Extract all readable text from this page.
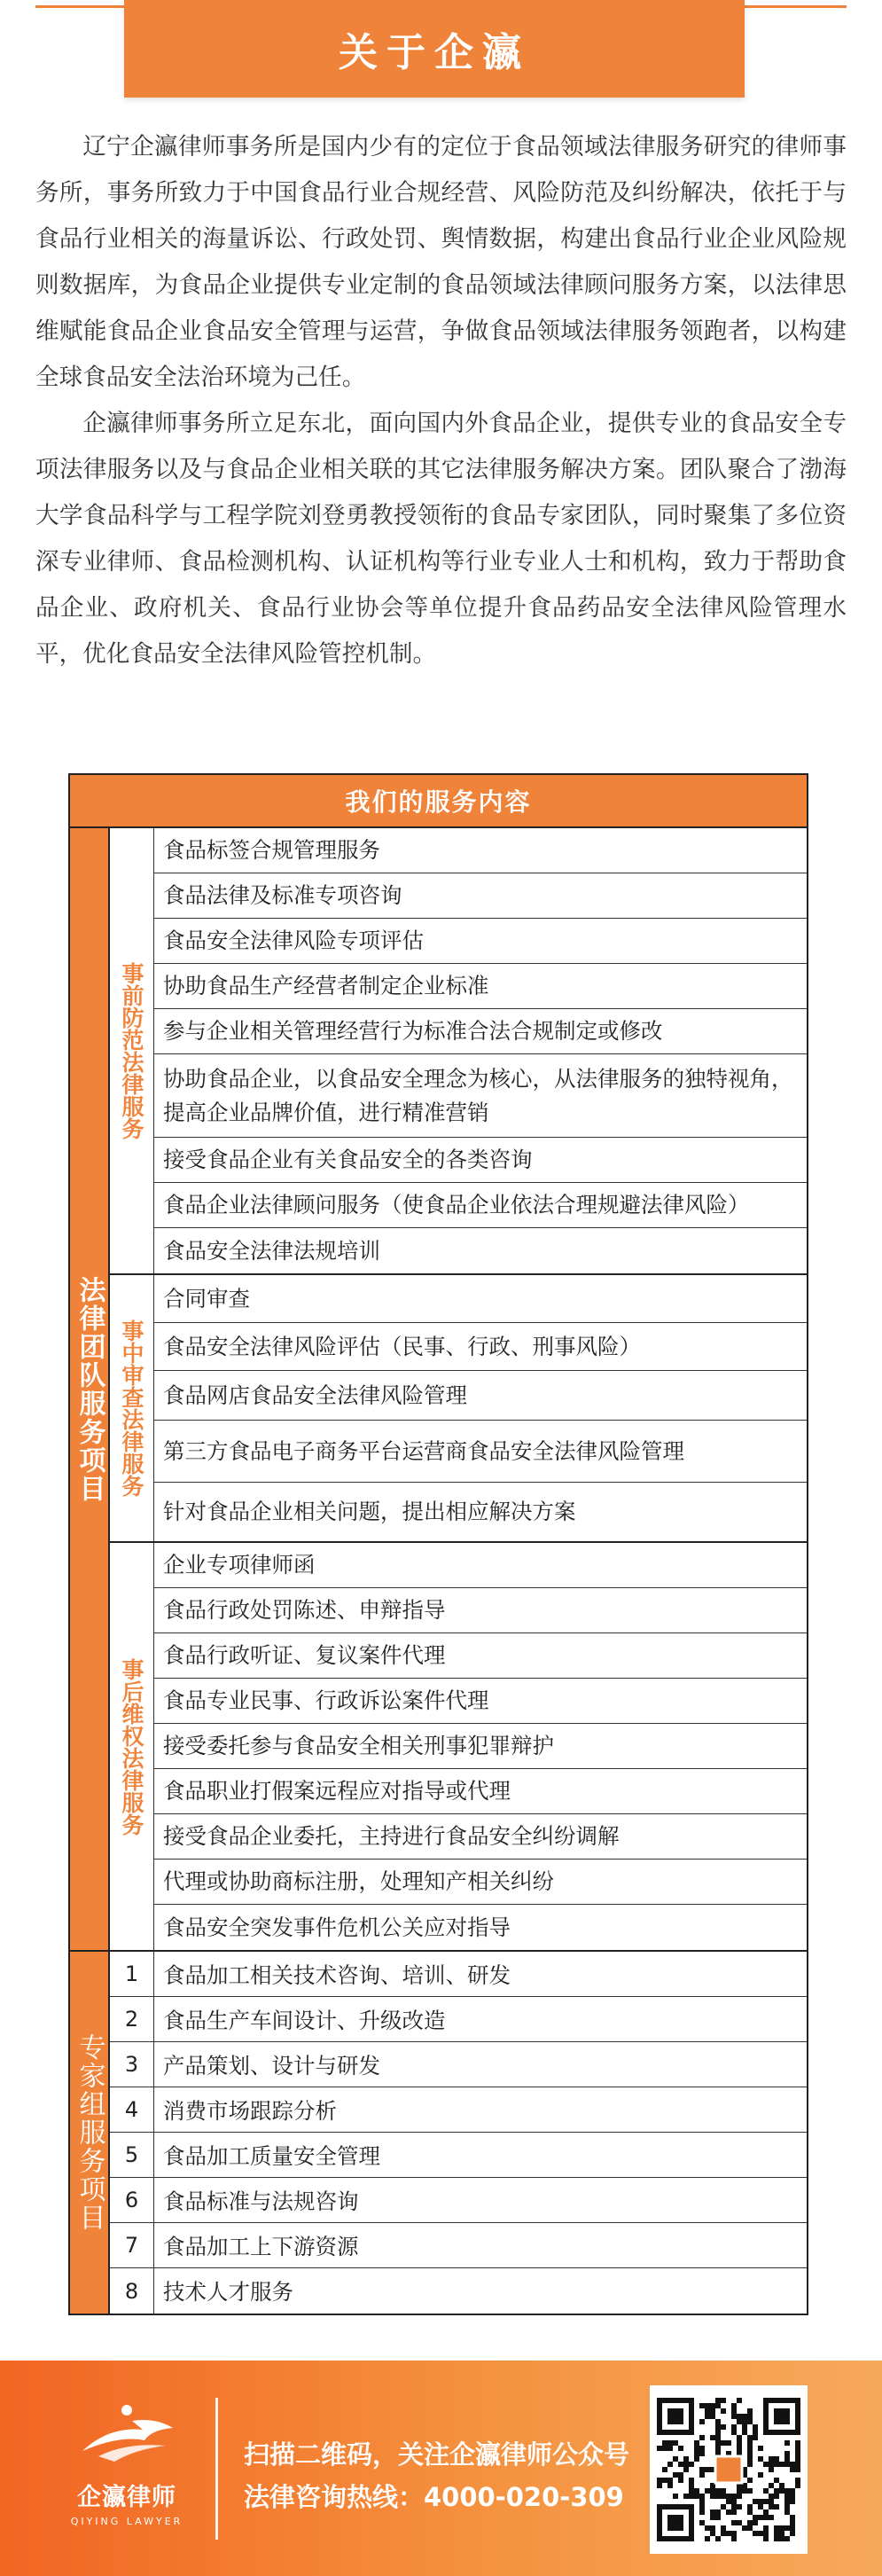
关于企瀛

辽宁企瀛律师事务所是国内少有的定位于食品领域法律服务研究的律师事务所，事务所致力于中国食品行业合规经营、风险防范及纠纷解决，依托于与食品行业相关的海量诉讼、行政处罚、舆情数据，构建出食品行业企业风险规则数据库，为食品企业提供专业定制的食品领域法律顾问服务方案，以法律思维赋能食品企业食品安全管理与运营，争做食品领域法律服务领跑者，以构建全球食品安全法治环境为己任。

企瀛律师事务所立足东北，面向国内外食品企业，提供专业的食品安全专项法律服务以及与食品企业相关联的其它法律服务解决方案。团队聚合了渤海大学食品科学与工程学院刘登勇教授领衔的食品专家团队，同时聚集了多位资深专业律师、食品检测机构、认证机构等行业专业人士和机构，致力于帮助食品企业、政府机关、食品行业协会等单位提升食品药品安全法律风险管理水平，优化食品安全法律风险管控机制。

我们的服务内容
法律团队服务项目
事前防范法律服务
食品标签合规管理服务
食品法律及标准专项咨询
食品安全法律风险专项评估
协助食品生产经营者制定企业标准
参与企业相关管理经营行为标准合法合规制定或修改
协助食品企业，以食品安全理念为核心，从法律服务的独特视角，提高企业品牌价值，进行精准营销
接受食品企业有关食品安全的各类咨询
食品企业法律顾问服务（使食品企业依法合理规避法律风险）
食品安全法律法规培训
事中审查法律服务
合同审查
食品安全法律风险评估（民事、行政、刑事风险）
食品网店食品安全法律风险管理
第三方食品电子商务平台运营商食品安全法律风险管理
针对食品企业相关问题，提出相应解决方案
事后维权法律服务
企业专项律师函
食品行政处罚陈述、申辩指导
食品行政听证、复议案件代理
食品专业民事、行政诉讼案件代理
接受委托参与食品安全相关刑事犯罪辩护
食品职业打假案远程应对指导或代理
接受食品企业委托，主持进行食品安全纠纷调解
代理或协助商标注册，处理知产相关纠纷
食品安全突发事件危机公关应对指导
专家组服务项目
1	食品加工相关技术咨询、培训、研发
2	食品生产车间设计、升级改造
3	产品策划、设计与研发
4	消费市场跟踪分析
5	食品加工质量安全管理
6	食品标准与法规咨询
7	食品加工上下游资源
8	技术人才服务
企瀛律师
QIYING LAWYER
扫描二维码，关注企瀛律师公众号
法律咨询热线：4000-020-309
